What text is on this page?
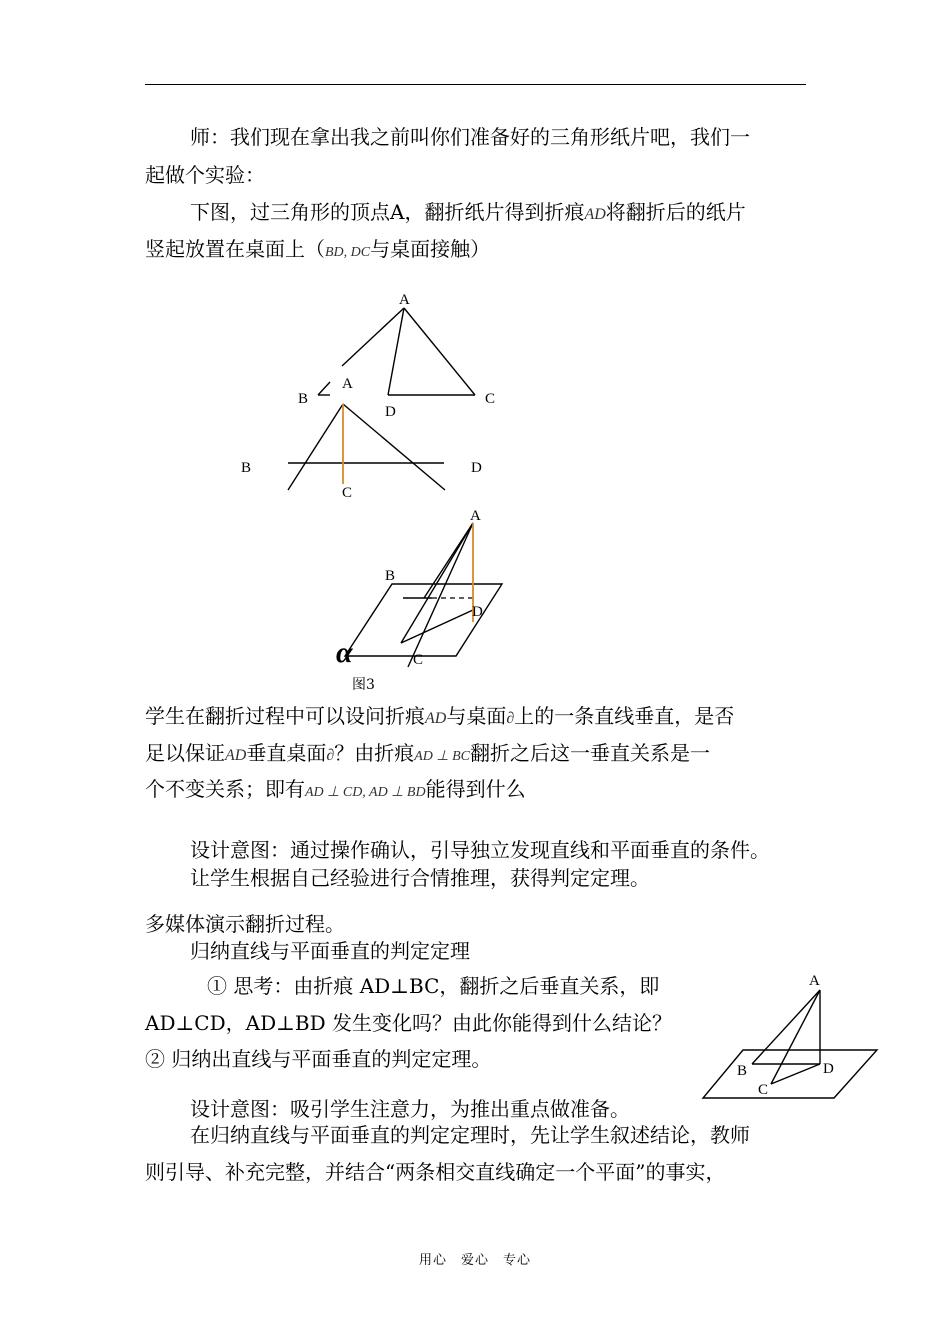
师：我们现在拿出我之前叫你们准备好的三角形纸片吧，我们一
起做个实验：
下图，过三角形的顶点A，翻折纸片得到折痕AD将翻折后的纸片
竖起放置在桌面上（BD, DC与桌面接触）
A
B
D
C
A
B
C
D
A
B
D
C
α
图3
A
B	D
C
学生在翻折过程中可以设问折痕AD与桌面∂上的一条直线垂直，是否
足以保证AD垂直桌面∂？由折痕AD ⊥ BC翻折之后这一垂直关系是一
个不变关系；即有AD ⊥ CD, AD ⊥ BD能得到什么
设计意图：通过操作确认，引导独立发现直线和平面垂直的条件。
让学生根据自己经验进行合情推理，获得判定定理。
多媒体演示翻折过程。
归纳直线与平面垂直的判定定理
① 思考：由折痕 AD⊥BC，翻折之后垂直关系，即
AD⊥CD，AD⊥BD 发生变化吗？由此你能得到什么结论？
② 归纳出直线与平面垂直的判定定理。
设计意图：吸引学生注意力，为推出重点做准备。
在归纳直线与平面垂直的判定定理时，先让学生叙述结论，教师
则引导、补充完整，并结合“两条相交直线确定一个平面”的事实，
用心　爱心　专心
